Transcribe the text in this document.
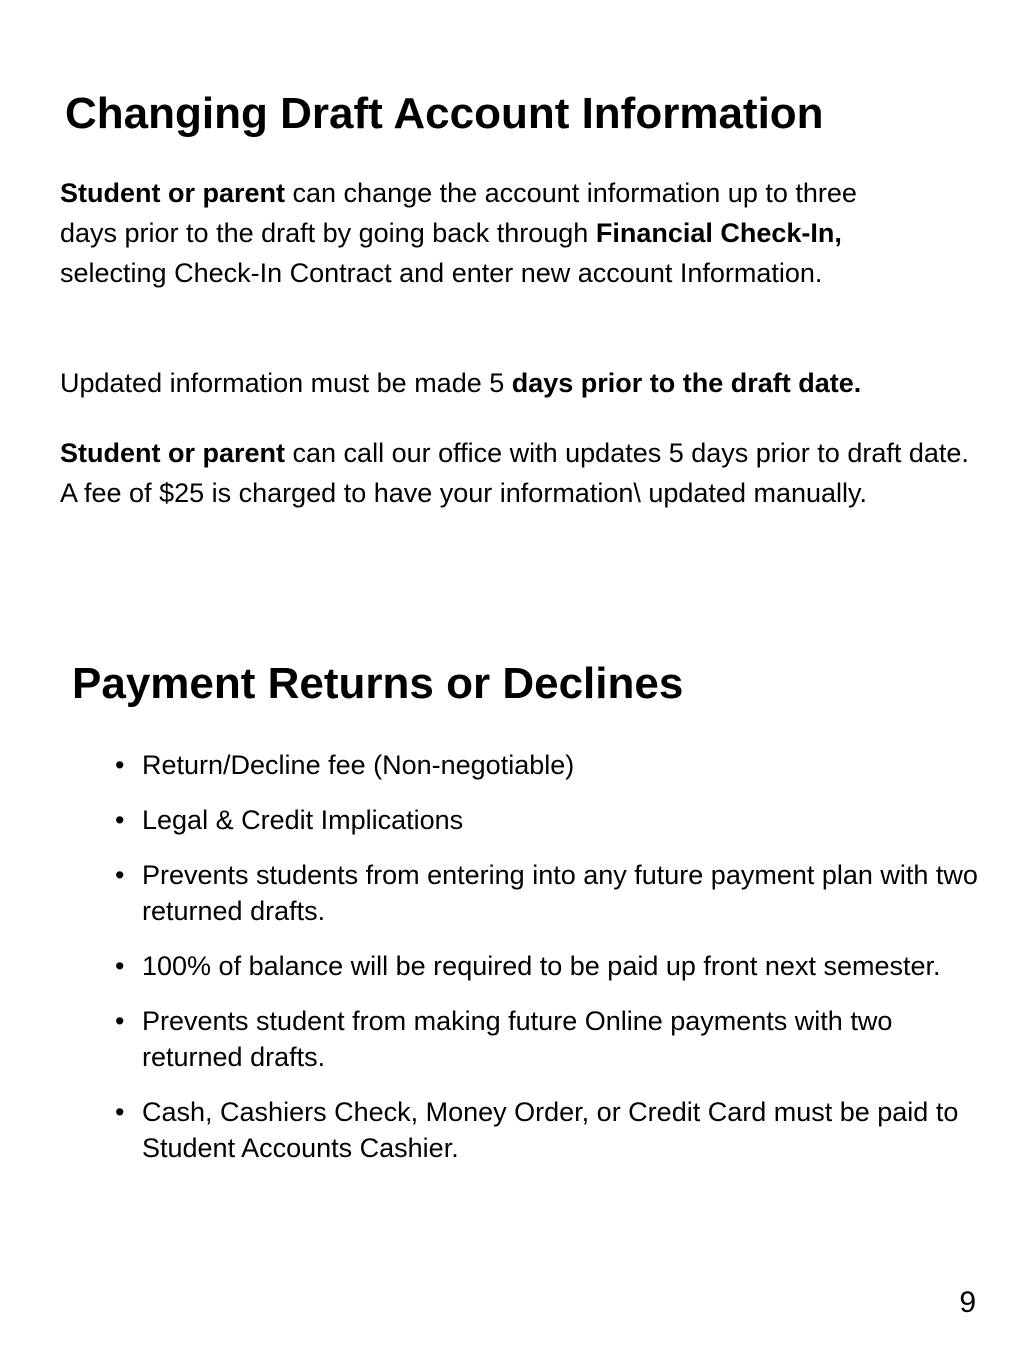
Changing Draft Account Information

Student or parent can change the account information up to three days prior to the draft by going back through Financial Check-In, selecting Check-In Contract and enter new account Information.

Updated information must be made 5 days prior to the draft date.

Student or parent can call our office with updates 5 days prior to draft date. A fee of $25 is charged to have your information\ updated manually.

Payment Returns or Declines
• Return/Decline fee (Non-negotiable)
• Legal & Credit Implications
• Prevents students from entering into any future payment plan with two returned drafts.
• 100% of balance will be required to be paid up front next semester.
• Prevents student from making future Online payments with two returned drafts.
• Cash, Cashiers Check, Money Order, or Credit Card must be paid to Student Accounts Cashier.
9
